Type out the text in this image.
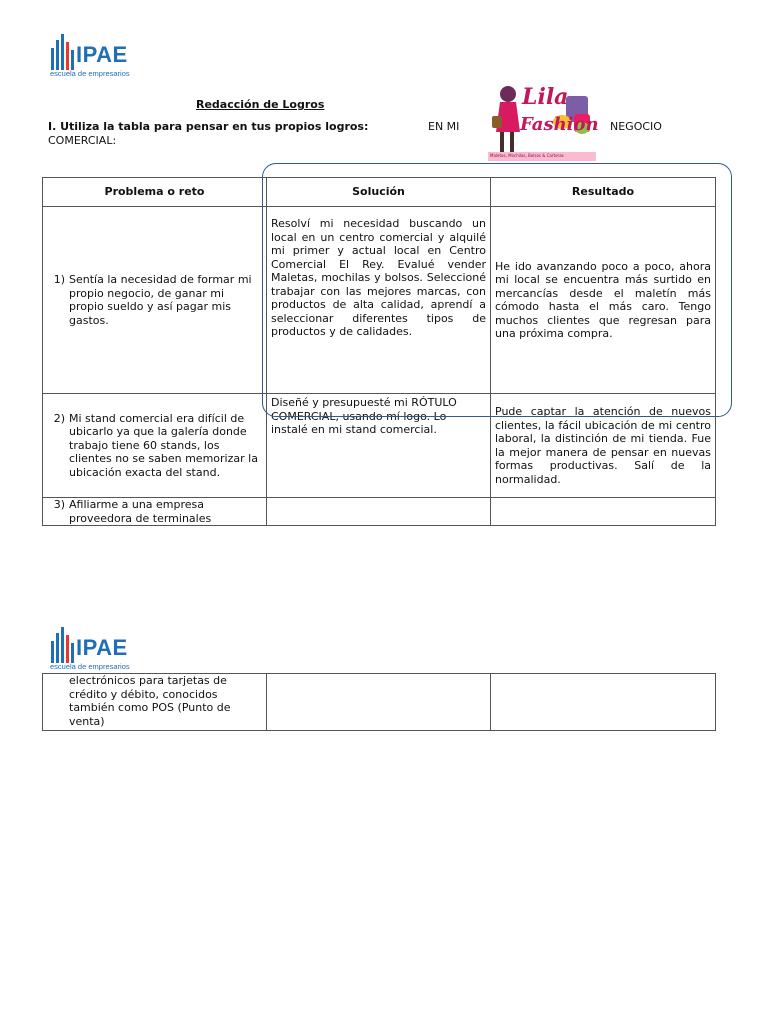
IPAE
escuela de empresarios
Redacción de Logros
I. Utiliza la tabla para pensar en tus propios logros:	EN MI	NEGOCIO
COMERCIAL:
Lila
Fashion
Maletas, Mochilas, Bolsos & Carteras
Problema o reto	Solución	Resultado

1) Sentía la necesidad de formar mi propio negocio, de ganar mi propio sueldo y así pagar mis gastos.	Resolví mi necesidad buscando un local en un centro comercial y alquilé mi primer y actual local en Centro Comercial El Rey. Evalué vender Maletas, mochilas y bolsos. Seleccioné trabajar con las mejores marcas, con productos de alta calidad, aprendí a seleccionar diferentes tipos de productos y de calidades.	He ido avanzando poco a poco, ahora mi local se encuentra más surtido en mercancías desde el maletín más cómodo hasta el más caro. Tengo muchos clientes que regresan para una próxima compra.

2) Mi stand comercial era difícil de ubicarlo ya que la galería donde trabajo tiene 60 stands, los clientes no se saben memorizar la ubicación exacta del stand.	Diseñé y presupuesté mi RÓTULO COMERCIAL, usando mí logo. Lo instalé en mi stand comercial.	Pude captar la atención de nuevos clientes, la fácil ubicación de mi centro laboral, la distinción de mi tienda. Fue la mejor manera de pensar en nuevas formas productivas. Salí de la normalidad.

3) Afiliarme a una empresa proveedora de terminales		

IPAE
escuela de empresarios
electrónicos para tarjetas de crédito y débito, conocidos también como POS (Punto de venta)
